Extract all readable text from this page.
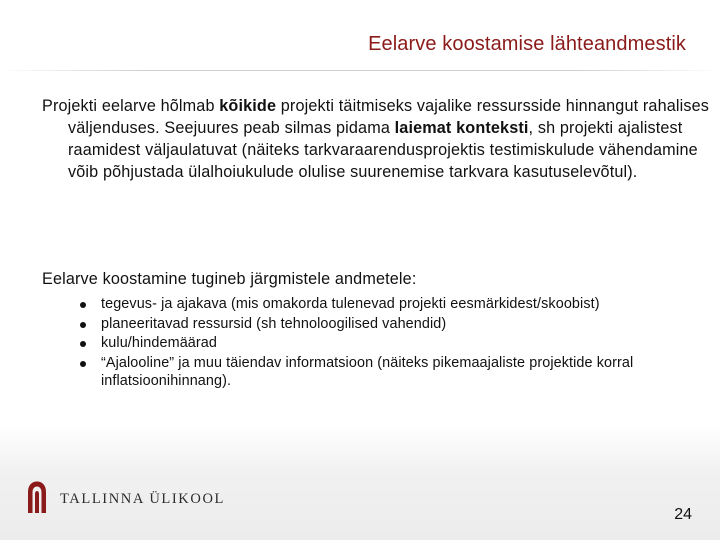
Eelarve koostamise lähteandmestik
Projekti eelarve hõlmab kõikide projekti täitmiseks vajalike ressursside hinnangut rahalises väljenduses. Seejuures peab silmas pidama laiemat konteksti, sh projekti ajalistest raamidest väljaulatuvat (näiteks tarkvaraarendusprojektis testimiskulude vähendamine võib põhjustada ülalhoiukulude olulise suurenemise tarkvara kasutuselevõtul).
Eelarve koostamine tugineb järgmistele andmetele:
tegevus- ja ajakava (mis omakorda tulenevad projekti eesmärkidest/skoobist)
planeeritavad ressursid (sh tehnoloogilised vahendid)
kulu/hindemäärad
“Ajalooline” ja muu täiendav informatsioon (näiteks pikemaajaliste projektide korral inflatsioonihinnang).
TALLINNA ÜLIKOOL
24
